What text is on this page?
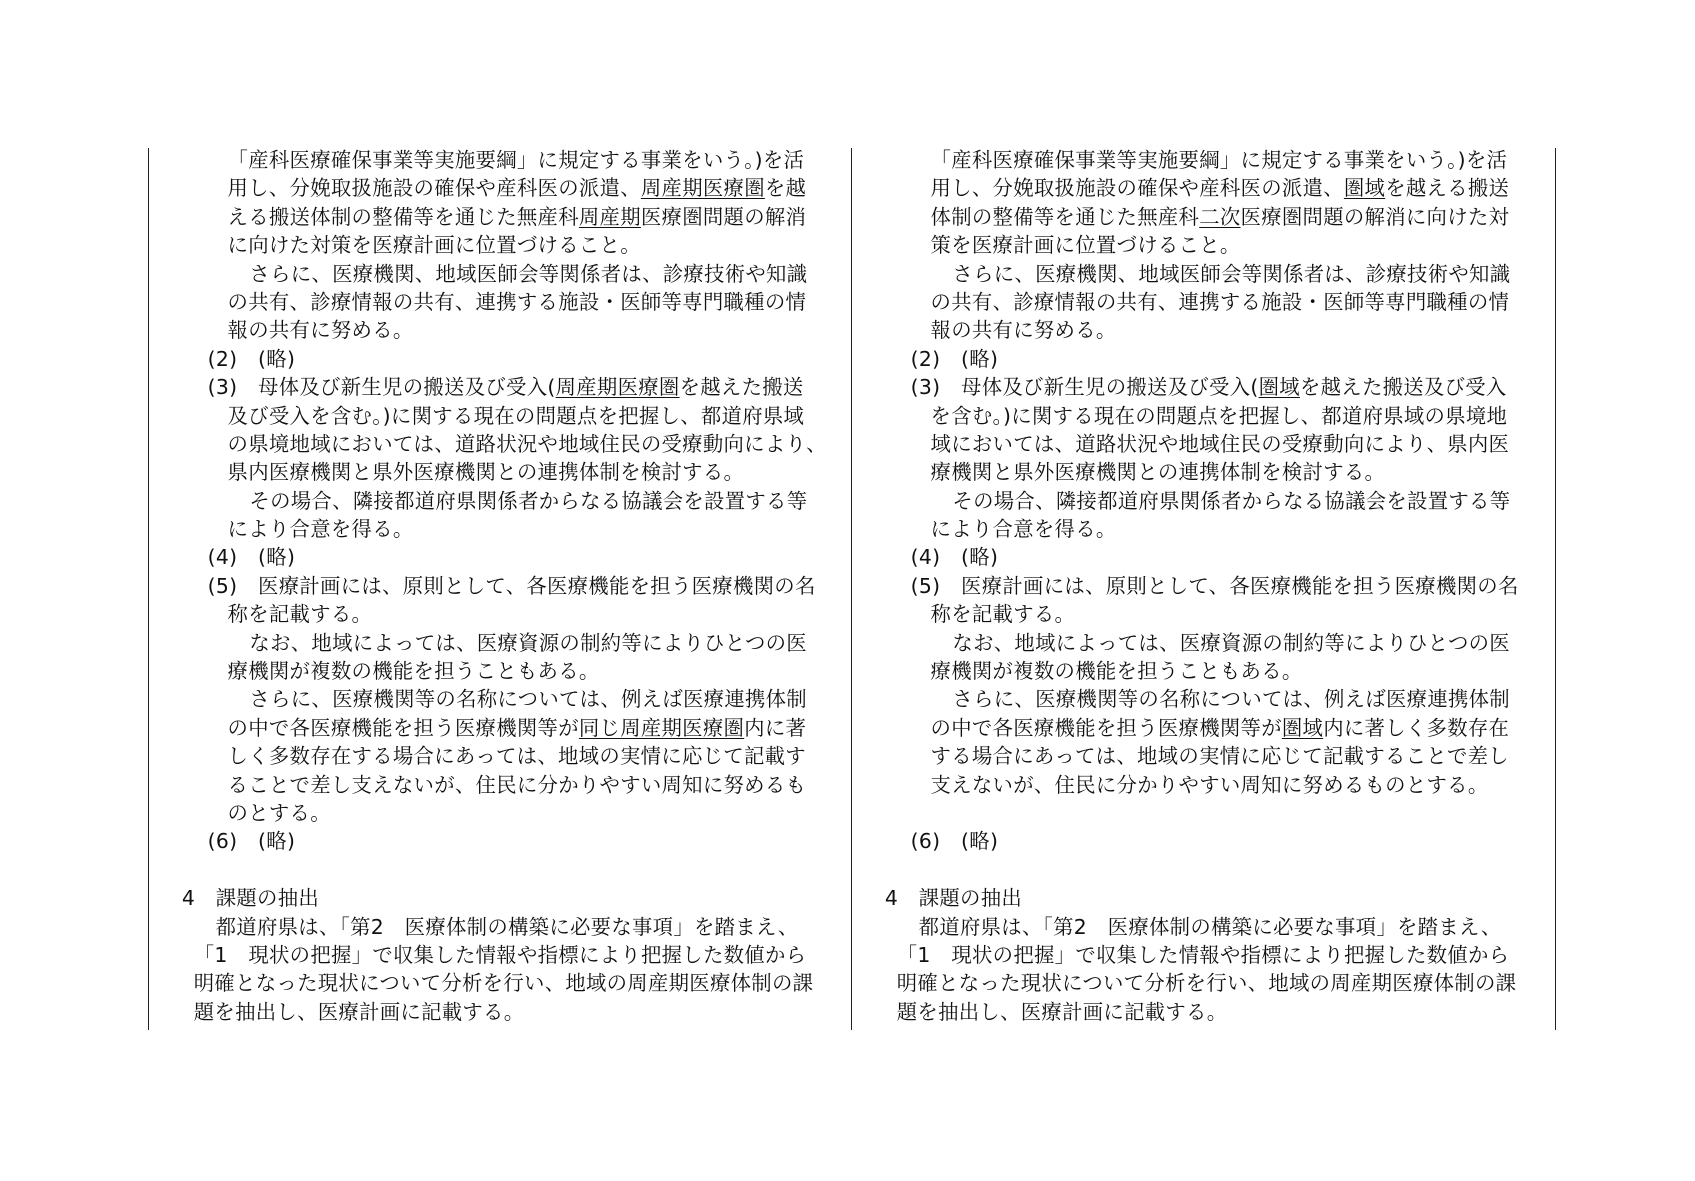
「産科医療確保事業等実施要綱」に規定する事業をいう。)を活
用し、分娩取扱施設の確保や産科医の派遣、周産期医療圏を越
える搬送体制の整備等を通じた無産科周産期医療圏問題の解消
に向けた対策を医療計画に位置づけること。
さらに、医療機関、地域医師会等関係者は、診療技術や知識
の共有、診療情報の共有、連携する施設・医師等専門職種の情
報の共有に努める。
(2)　(略)
(3)　母体及び新生児の搬送及び受入(周産期医療圏を越えた搬送
及び受入を含む。)に関する現在の問題点を把握し、都道府県域
の県境地域においては、道路状況や地域住民の受療動向により、
県内医療機関と県外医療機関との連携体制を検討する。
その場合、隣接都道府県関係者からなる協議会を設置する等
により合意を得る。
(4)　(略)
(5)　医療計画には、原則として、各医療機能を担う医療機関の名
称を記載する。
なお、地域によっては、医療資源の制約等によりひとつの医
療機関が複数の機能を担うこともある。
さらに、医療機関等の名称については、例えば医療連携体制
の中で各医療機能を担う医療機関等が同じ周産期医療圏内に著
しく多数存在する場合にあっては、地域の実情に応じて記載す
ることで差し支えないが、住民に分かりやすい周知に努めるも
のとする。
(6)　(略)
4　課題の抽出
都道府県は、「第2　医療体制の構築に必要な事項」を踏まえ、
「1　現状の把握」で収集した情報や指標により把握した数値から
明確となった現状について分析を行い、地域の周産期医療体制の課
題を抽出し、医療計画に記載する。
「産科医療確保事業等実施要綱」に規定する事業をいう。)を活
用し、分娩取扱施設の確保や産科医の派遣、圏域を越える搬送
体制の整備等を通じた無産科二次医療圏問題の解消に向けた対
策を医療計画に位置づけること。
さらに、医療機関、地域医師会等関係者は、診療技術や知識
の共有、診療情報の共有、連携する施設・医師等専門職種の情
報の共有に努める。
(2)　(略)
(3)　母体及び新生児の搬送及び受入(圏域を越えた搬送及び受入
を含む。)に関する現在の問題点を把握し、都道府県域の県境地
域においては、道路状況や地域住民の受療動向により、県内医
療機関と県外医療機関との連携体制を検討する。
その場合、隣接都道府県関係者からなる協議会を設置する等
により合意を得る。
(4)　(略)
(5)　医療計画には、原則として、各医療機能を担う医療機関の名
称を記載する。
なお、地域によっては、医療資源の制約等によりひとつの医
療機関が複数の機能を担うこともある。
さらに、医療機関等の名称については、例えば医療連携体制
の中で各医療機能を担う医療機関等が圏域内に著しく多数存在
する場合にあっては、地域の実情に応じて記載することで差し
支えないが、住民に分かりやすい周知に努めるものとする。
(6)　(略)
4　課題の抽出
都道府県は、「第2　医療体制の構築に必要な事項」を踏まえ、
「1　現状の把握」で収集した情報や指標により把握した数値から
明確となった現状について分析を行い、地域の周産期医療体制の課
題を抽出し、医療計画に記載する。
